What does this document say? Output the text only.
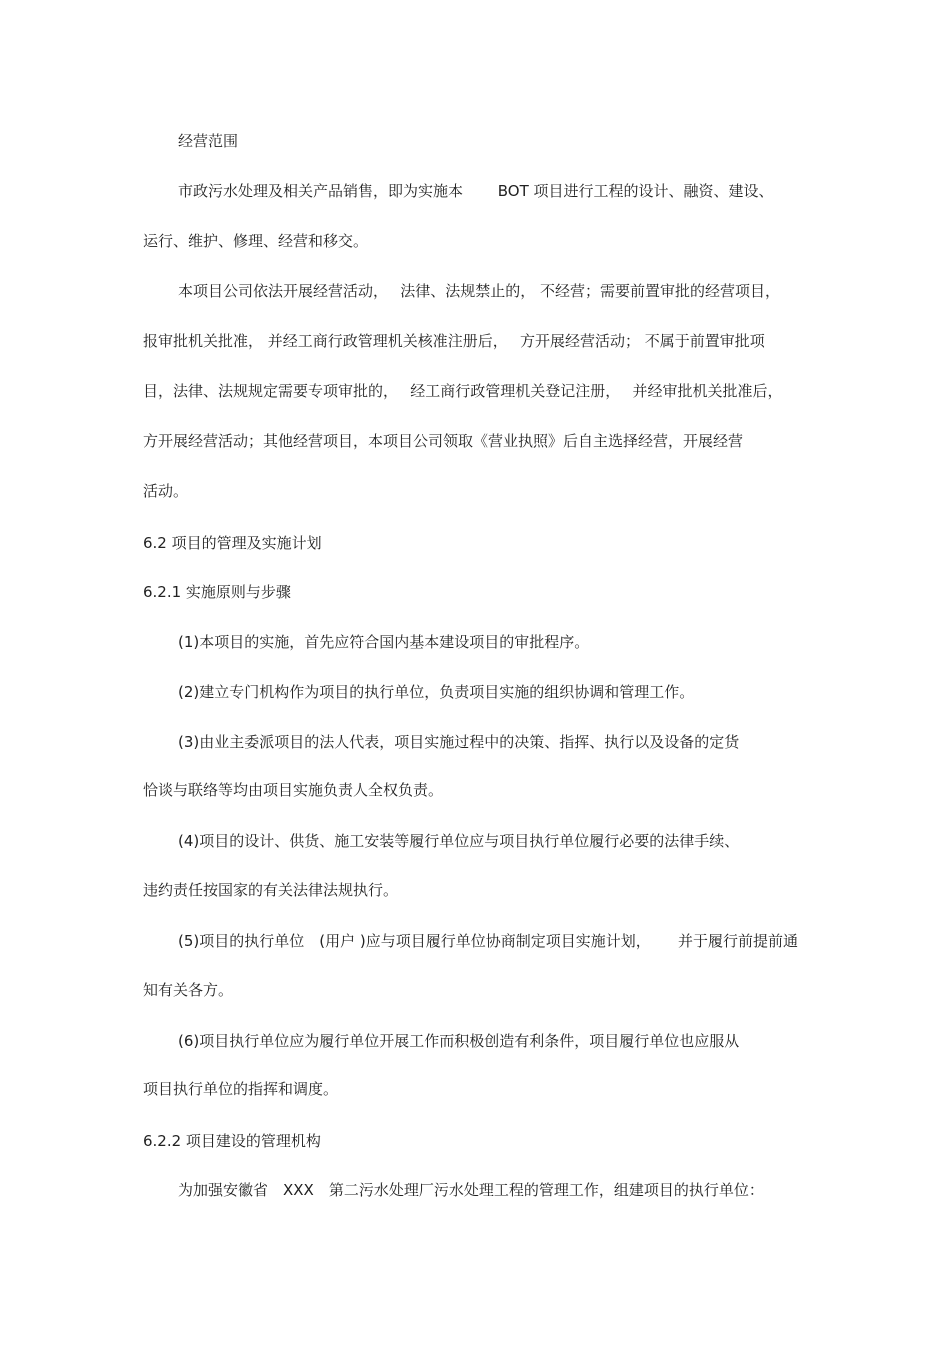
经营范围

市政污水处理及相关产品销售，即为实施本　　 BOT 项目进行工程的设计、融资、建设、

运行、维护、修理、经营和移交。

本项目公司依法开展经营活动，　 法律、法规禁止的， 不经营；需要前置审批的经营项目，

报审批机关批准， 并经工商行政管理机关核准注册后，　 方开展经营活动； 不属于前置审批项

目，法律、法规规定需要专项审批的，　 经工商行政管理机关登记注册，　 并经审批机关批准后，

方开展经营活动；其他经营项目，本项目公司领取《营业执照》后自主选择经营，开展经营

活动。

6.2 项目的管理及实施计划

6.2.1 实施原则与步骤

(1)本项目的实施，首先应符合国内基本建设项目的审批程序。

(2)建立专门机构作为项目的执行单位，负责项目实施的组织协调和管理工作。

(3)由业主委派项目的法人代表，项目实施过程中的决策、指挥、执行以及设备的定货

恰谈与联络等均由项目实施负责人全权负责。

(4)项目的设计、供货、施工安装等履行单位应与项目执行单位履行必要的法律手续、

违约责任按国家的有关法律法规执行。

(5)项目的执行单位　(用户 )应与项目履行单位协商制定项目实施计划，　　 并于履行前提前通

知有关各方。

(6)项目执行单位应为履行单位开展工作而积极创造有利条件，项目履行单位也应服从

项目执行单位的指挥和调度。

6.2.2 项目建设的管理机构

为加强安徽省　XXX　第二污水处理厂污水处理工程的管理工作，组建项目的执行单位：
